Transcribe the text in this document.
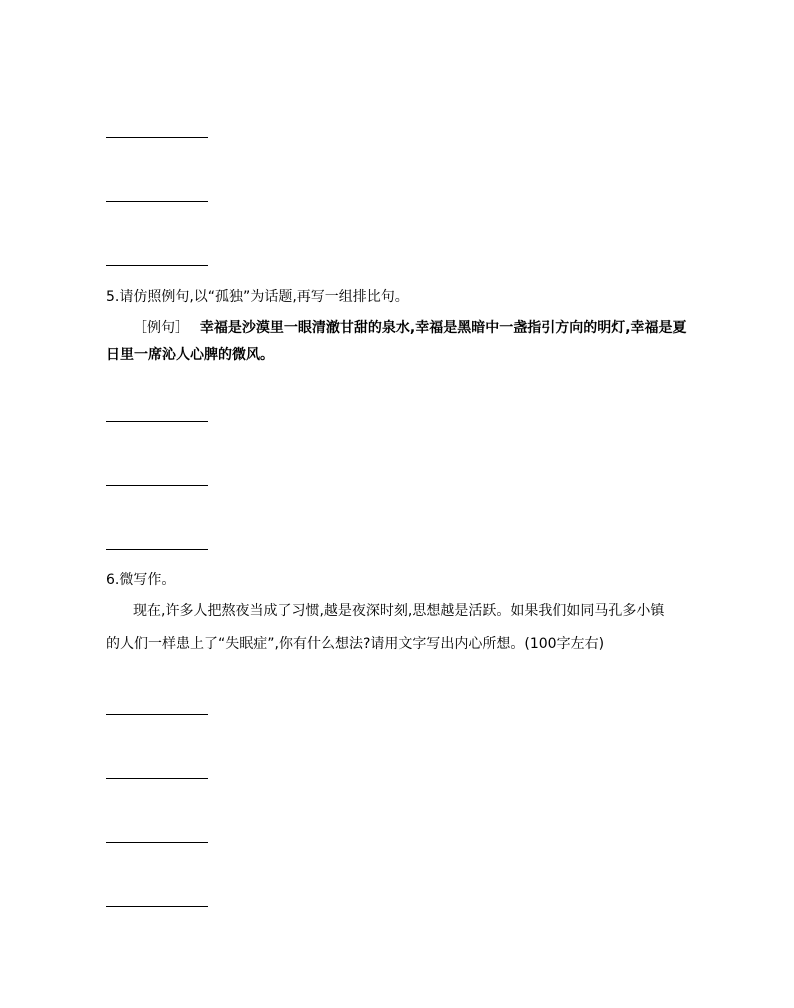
5.请仿照例句,以“孤独”为话题,再写一组排比句。
［例句］ 幸福是沙漠里一眼清澈甘甜的泉水,幸福是黑暗中一盏指引方向的明灯,幸福是夏
日里一席沁人心脾的微风。
6.微写作。
现在,许多人把熬夜当成了习惯,越是夜深时刻,思想越是活跃。如果我们如同马孔多小镇
的人们一样患上了“失眠症”,你有什么想法?请用文字写出内心所想。(100字左右)
